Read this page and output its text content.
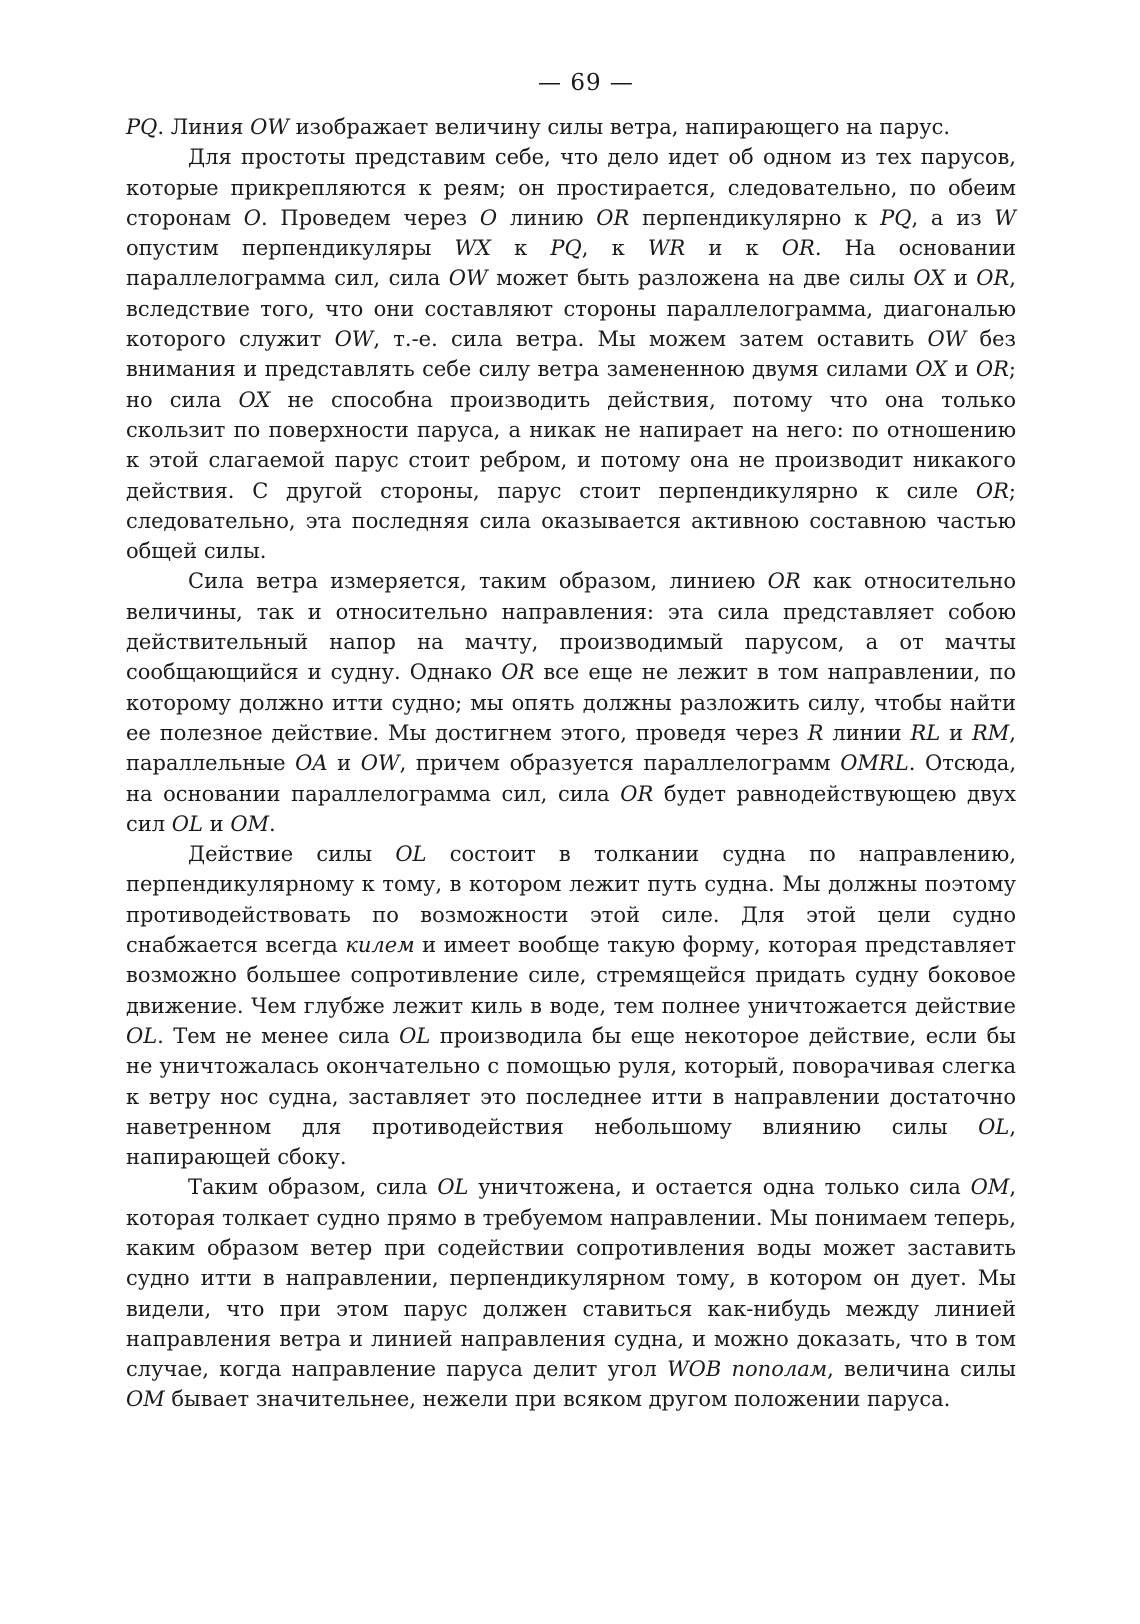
— 69 —

PQ. Линия OW изображает величину силы ветра, напирающего на парус.

Для простоты представим себе, что дело идет об одном из тех парусов, которые прикрепляются к реям; он простирается, следовательно, по обеим сторонам O. Проведем через O линию OR перпендикулярно к PQ, а из W опустим перпендикуляры WX к PQ, к WR и к OR. На основании параллелограмма сил, сила OW может быть разложена на две силы OX и OR, вследствие того, что они составляют стороны параллелограмма, диагональю которого служит OW, т.-е. сила ветра. Мы можем затем оставить OW без внимания и представлять себе силу ветра замененною двумя силами OX и OR; но сила OX не способна производить действия, потому что она только скользит по поверхности паруса, а никак не напирает на него: по отношению к этой слагаемой парус стоит ребром, и потому она не производит никакого действия. С другой стороны, парус стоит перпендикулярно к силе OR; следовательно, эта последняя сила оказывается активною составною частью общей силы.

Сила ветра измеряется, таким образом, линиею OR как относительно величины, так и относительно направления: эта сила представляет собою действительный напор на мачту, производимый парусом, а от мачты сообщающийся и судну. Однако OR все еще не лежит в том направлении, по которому должно итти судно; мы опять должны разложить силу, чтобы найти ее полезное действие. Мы достигнем этого, проведя через R линии RL и RM, параллельные OA и OW, причем образуется параллелограмм OMRL. Отсюда, на основании параллелограмма сил, сила OR будет равнодействующею двух сил OL и OM.

Действие силы OL состоит в толкании судна по направлению, перпендикулярному к тому, в котором лежит путь судна. Мы должны поэтому противодействовать по возможности этой силе. Для этой цели судно снабжается всегда килем и имеет вообще такую форму, которая представляет возможно большее сопротивление силе, стремящейся придать судну боковое движение. Чем глубже лежит киль в воде, тем полнее уничтожается действие OL. Тем не менее сила OL производила бы еще некоторое действие, если бы не уничтожалась окончательно с помощью руля, который, поворачивая слегка к ветру нос судна, заставляет это последнее итти в направлении достаточно наветренном для противодействия небольшому влиянию силы OL, напирающей сбоку.

Таким образом, сила OL уничтожена, и остается одна только сила OM, которая толкает судно прямо в требуемом направлении. Мы понимаем теперь, каким образом ветер при содействии сопротивления воды может заставить судно итти в направлении, перпендикулярном тому, в котором он дует. Мы видели, что при этом парус должен ставиться как-нибудь между линией направления ветра и линией направления судна, и можно доказать, что в том случае, когда направление паруса делит угол WOB пополам, величина силы OM бывает значительнее, нежели при всяком другом положении паруса.
